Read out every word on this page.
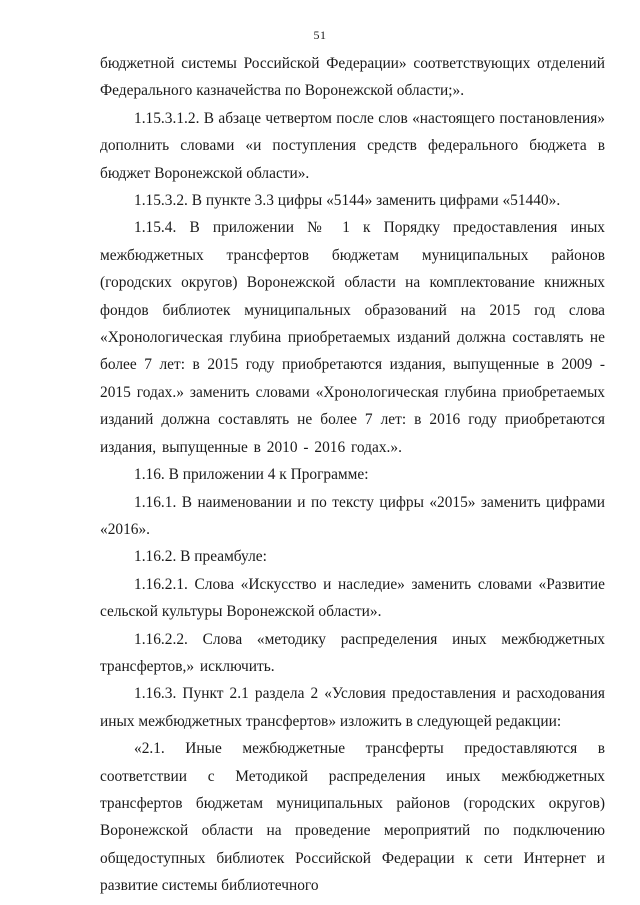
51

бюджетной системы Российской Федерации» соответствующих отделений Федерального казначейства по Воронежской области;».

1.15.3.1.2. В абзаце четвертом после слов «настоящего постановления» дополнить словами «и поступления средств федерального бюджета в бюджет Воронежской области».

1.15.3.2. В пункте 3.3 цифры «5144» заменить цифрами «51440».

1.15.4. В приложении № 1 к Порядку предоставления иных межбюджетных трансфертов бюджетам муниципальных районов (городских округов) Воронежской области на комплектование книжных фондов библиотек муниципальных образований на 2015 год слова «Хронологическая глубина приобретаемых изданий должна составлять не более 7 лет: в 2015 году приобретаются издания, выпущенные в 2009 - 2015 годах.» заменить словами «Хронологическая глубина приобретаемых изданий должна составлять не более 7 лет: в 2016 году приобретаются издания, выпущенные в 2010 - 2016 годах.».

1.16. В приложении 4 к Программе:

1.16.1. В наименовании и по тексту цифры «2015» заменить цифрами «2016».

1.16.2. В преамбуле:

1.16.2.1. Слова «Искусство и наследие» заменить словами «Развитие сельской культуры Воронежской области».

1.16.2.2. Слова «методику распределения иных межбюджетных трансфертов,» исключить.

1.16.3. Пункт 2.1 раздела 2 «Условия предоставления и расходования иных межбюджетных трансфертов» изложить в следующей редакции:

«2.1. Иные межбюджетные трансферты предоставляются в соответствии с Методикой распределения иных межбюджетных трансфертов бюджетам муниципальных районов (городских округов) Воронежской области на проведение мероприятий по подключению общедоступных библиотек Российской Федерации к сети Интернет и развитие системы библиотечного
